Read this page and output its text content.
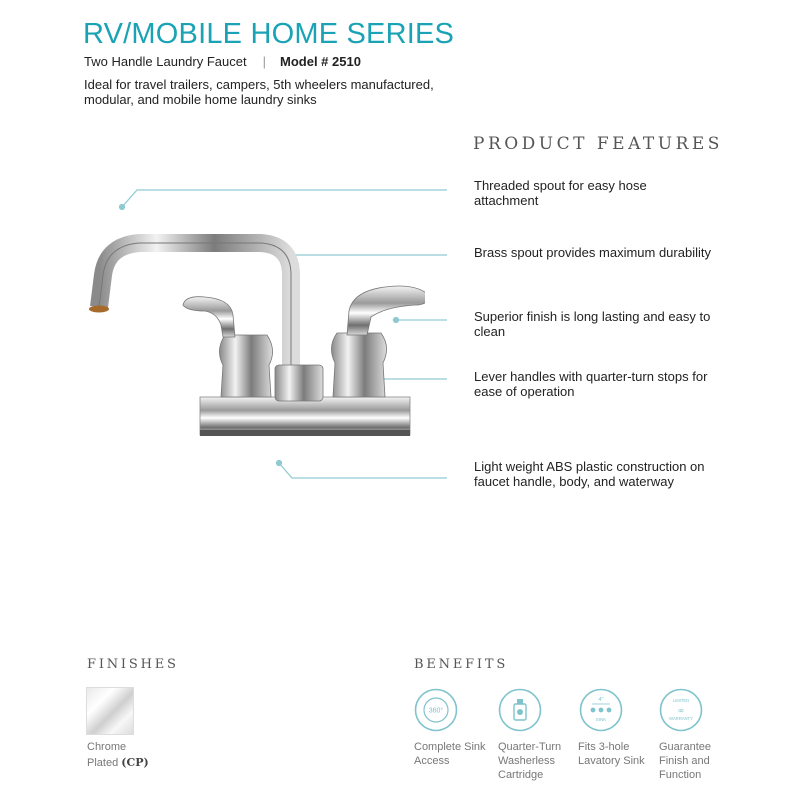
RV/MOBILE HOME SERIES
Two Handle Laundry Faucet | Model # 2510
Ideal for travel trailers, campers, 5th wheelers manufactured, modular, and mobile home laundry sinks
PRODUCT FEATURES
Threaded spout for easy hose attachment
Brass spout provides maximum durability
Superior finish is long lasting and easy to clean
Lever handles with quarter-turn stops for ease of operation
Light weight ABS plastic construction on faucet handle, body, and waterway
FINISHES
Chrome
Plated (CP)
BENEFITS
360°
Complete Sink Access
Quarter-Turn Washerless Cartridge
4"
SINK
Fits 3-hole Lavatory Sink
LIMITED
∞
WARRANTY
Guarantee Finish and Function
